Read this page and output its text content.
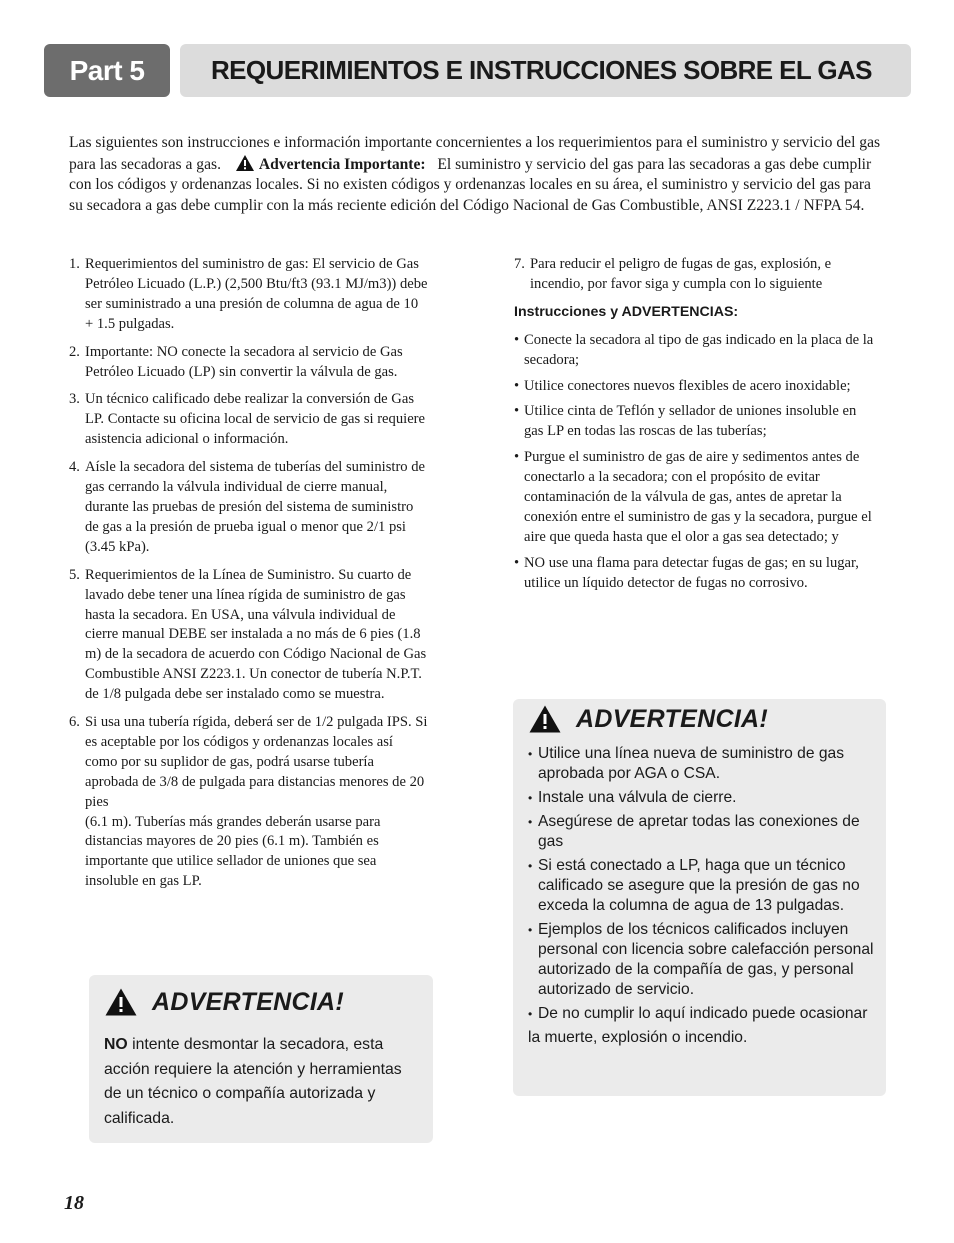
Part 5	REQUERIMIENTOS E INSTRUCCIONES SOBRE EL GAS

Las siguientes son instrucciones e información importante concernientes a los requerimientos para el suministro y servicio del gas para las secadoras a gas. Advertencia Importante: El suministro y servicio del gas para las secadoras a gas debe cumplir con los códigos y ordenanzas locales. Si no existen códigos y ordenanzas locales en su área, el suministro y servicio del gas para su secadora a gas debe cumplir con la más reciente edición del Código Nacional de Gas Combustible, ANSI Z223.1 / NFPA 54.

1. Requerimientos del suministro de gas: El servicio de Gas Petróleo Licuado (L.P.) (2,500 Btu/ft3 (93.1 MJ/m3)) debe ser suministrado a una presión de columna de agua de 10 + 1.5 pulgadas.
2. Importante: NO conecte la secadora al servicio de Gas Petróleo Licuado (LP) sin convertir la válvula de gas.
3. Un técnico calificado debe realizar la conversión de Gas LP. Contacte su oficina local de servicio de gas si requiere asistencia adicional o información.
4. Aísle la secadora del sistema de tuberías del suministro de gas cerrando la válvula individual de cierre manual, durante las pruebas de presión del sistema de suministro de gas a la presión de prueba igual o menor que 2/1 psi (3.45 kPa).
5. Requerimientos de la Línea de Suministro. Su cuarto de lavado debe tener una línea rígida de suministro de gas hasta la secadora. En USA, una válvula individual de cierre manual DEBE ser instalada a no más de 6 pies (1.8 m) de la secadora de acuerdo con Código Nacional de Gas Combustible ANSI Z223.1. Un conector de tubería N.P.T. de 1/8 pulgada debe ser instalado como se muestra.
6. Si usa una tubería rígida, deberá ser de 1/2 pulgada IPS. Si es aceptable por los códigos y ordenanzas locales así como por su suplidor de gas, podrá usarse tubería aprobada de 3/8 de pulgada para distancias menores de 20 pies
(6.1 m). Tuberías más grandes deberán usarse para distancias mayores de 20 pies (6.1 m). También es importante que utilice sellador de uniones que sea insoluble en gas LP.
7. Para reducir el peligro de fugas de gas, explosión, e incendio, por favor siga y cumpla con lo siguiente
Instrucciones y ADVERTENCIAS:
• Conecte la secadora al tipo de gas indicado en la placa de la secadora;
• Utilice conectores nuevos flexibles de acero inoxidable;
• Utilice cinta de Teflón y sellador de uniones insoluble en gas LP en todas las roscas de las tuberías;
• Purgue el suministro de gas de aire y sedimentos antes de conectarlo a la secadora; con el propósito de evitar contaminación de la válvula de gas, antes de apretar la conexión entre el suministro de gas y la secadora, purgue el aire que queda hasta que el olor a gas sea detectado; y
• NO use una flama para detectar fugas de gas; en su lugar, utilice un líquido detector de fugas no corrosivo.
ADVERTENCIA!
• Utilice una línea nueva de suministro de gas aprobada por AGA o CSA.
• Instale una válvula de cierre.
• Asegúrese de apretar todas las conexiones de gas
• Si está conectado a LP, haga que un técnico calificado se asegure que la presión de gas no exceda la columna de agua de 13 pulgadas.
• Ejemplos de los técnicos calificados incluyen personal con licencia sobre calefacción personal autorizado de la compañía de gas, y personal autorizado de servicio.
• De no cumplir lo aquí indicado puede ocasionar
la muerte, explosión o incendio.
ADVERTENCIA!
NO intente desmontar la secadora, esta acción requiere la atención y herramientas de un técnico o compañía autorizada y calificada.
18
